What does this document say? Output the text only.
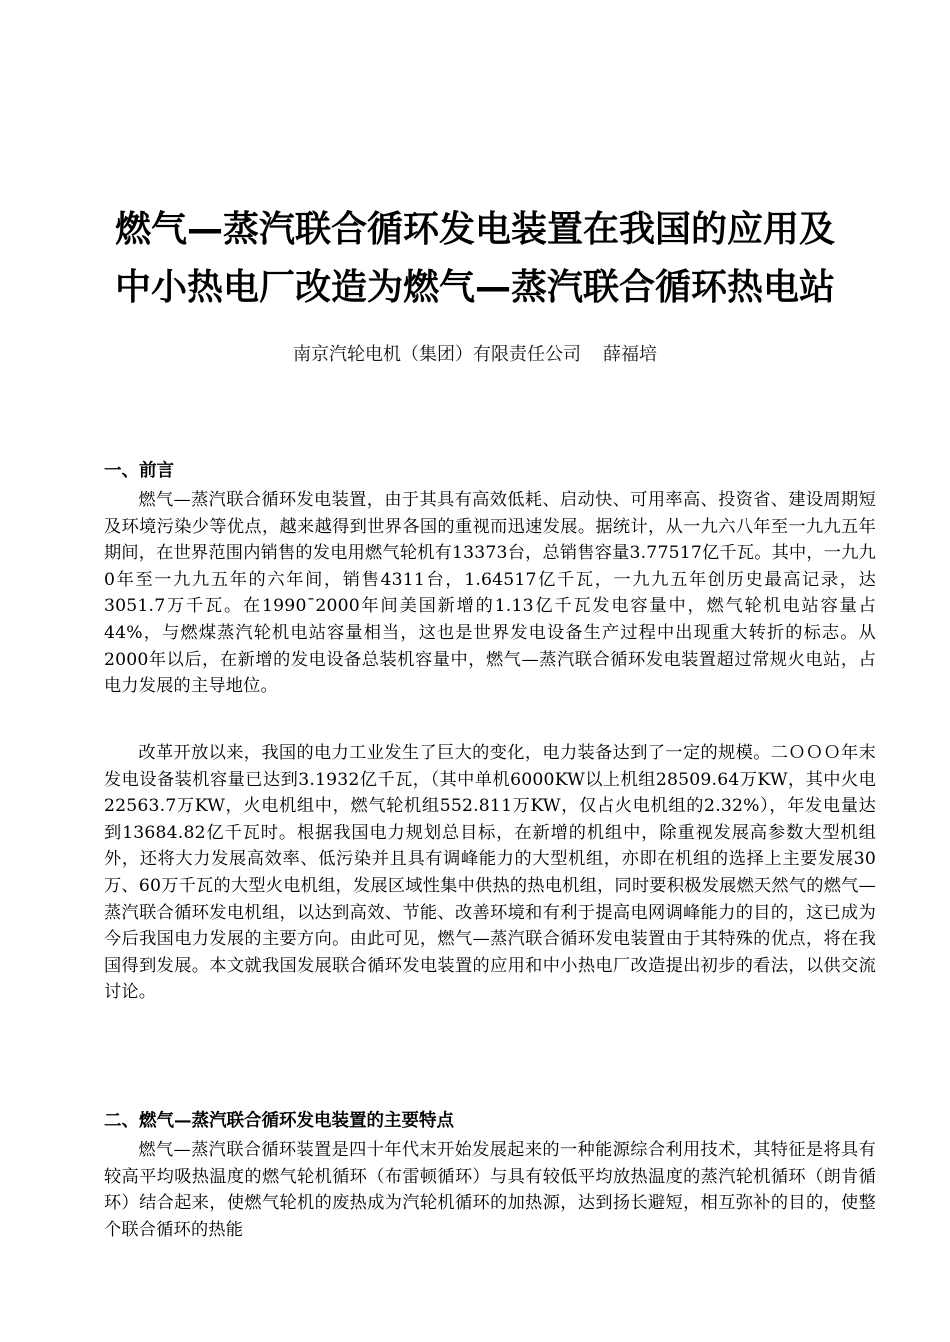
燃气—蒸汽联合循环发电装置在我国的应用及
中小热电厂改造为燃气—蒸汽联合循环热电站
南京汽轮电机（集团）有限责任公司 薛福培
一、前言

燃气—蒸汽联合循环发电装置，由于其具有高效低耗、启动快、可用率高、投资省、建设周期短及环境污染少等优点，越来越得到世界各国的重视而迅速发展。据统计，从一九六八年至一九九五年期间，在世界范围内销售的发电用燃气轮机有13373台，总销售容量3.77517亿千瓦。其中，一九九0年至一九九五年的六年间，销售4311台，1.64517亿千瓦，一九九五年创历史最高记录，达3051.7万千瓦。在1990¯2000年间美国新增的1.13亿千瓦发电容量中，燃气轮机电站容量占44%，与燃煤蒸汽轮机电站容量相当，这也是世界发电设备生产过程中出现重大转折的标志。从2000年以后，在新增的发电设备总装机容量中，燃气—蒸汽联合循环发电装置超过常规火电站，占电力发展的主导地位。

改革开放以来，我国的电力工业发生了巨大的变化，电力装备达到了一定的规模。二ＯＯＯ年末发电设备装机容量已达到3.1932亿千瓦，（其中单机6000KW以上机组28509.64万KW，其中火电22563.7万KW，火电机组中，燃气轮机组552.811万KW，仅占火电机组的2.32%），年发电量达到13684.82亿千瓦时。根据我国电力规划总目标，在新增的机组中，除重视发展高参数大型机组外，还将大力发展高效率、低污染并且具有调峰能力的大型机组，亦即在机组的选择上主要发展30万、60万千瓦的大型火电机组，发展区域性集中供热的热电机组，同时要积极发展燃天然气的燃气—蒸汽联合循环发电机组，以达到高效、节能、改善环境和有利于提高电网调峰能力的目的，这已成为今后我国电力发展的主要方向。由此可见，燃气—蒸汽联合循环发电装置由于其特殊的优点，将在我国得到发展。本文就我国发展联合循环发电装置的应用和中小热电厂改造提出初步的看法，以供交流讨论。

二、燃气—蒸汽联合循环发电装置的主要特点

燃气—蒸汽联合循环装置是四十年代末开始发展起来的一种能源综合利用技术，其特征是将具有较高平均吸热温度的燃气轮机循环（布雷顿循环）与具有较低平均放热温度的蒸汽轮机循环（朗肯循环）结合起来，使燃气轮机的废热成为汽轮机循环的加热源，达到扬长避短，相互弥补的目的，使整个联合循环的热能
